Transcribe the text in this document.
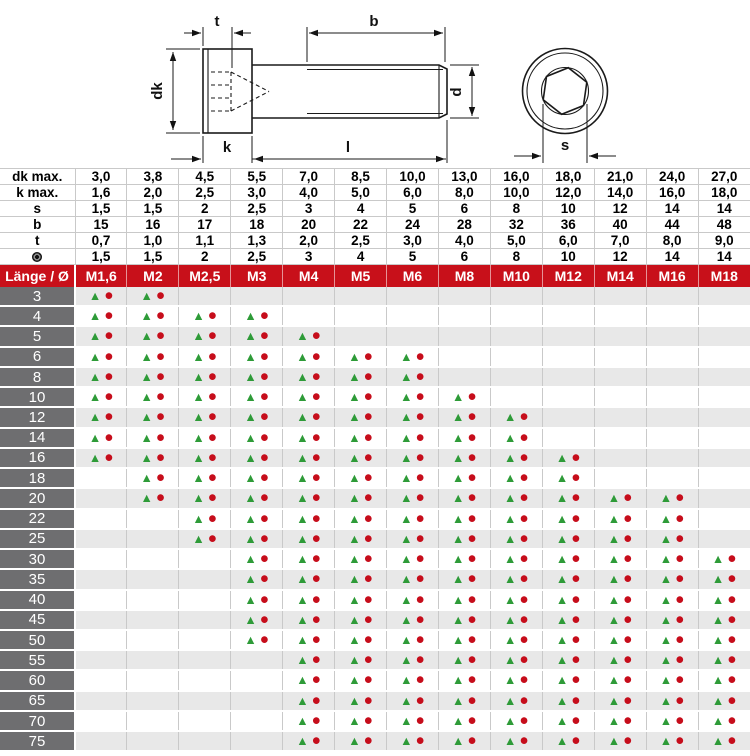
t	b
dk	d
k	l	s
dk max.	3,0	3,8	4,5	5,5	7,0	8,5	10,0	13,0	16,0	18,0	21,0	24,0	27,0
k max.	1,6	2,0	2,5	3,0	4,0	5,0	6,0	8,0	10,0	12,0	14,0	16,0	18,0
s	1,5	1,5	2	2,5	3	4	5	6	8	10	12	14	14
b	15	16	17	18	20	22	24	28	32	36	40	44	48
t	0,7	1,0	1,1	1,3	2,0	2,5	3,0	4,0	5,0	6,0	7,0	8,0	9,0
	1,5	1,5	2	2,5	3	4	5	6	8	10	12	14	14
Länge / Ø	M1,6	M2	M2,5	M3	M4	M5	M6	M8	M10	M12	M14	M16	M18
3	▲ ●	▲ ●											
4	▲ ●	▲ ●	▲ ●	▲ ●									
5	▲ ●	▲ ●	▲ ●	▲ ●	▲ ●								
6	▲ ●	▲ ●	▲ ●	▲ ●	▲ ●	▲ ●	▲ ●						
8	▲ ●	▲ ●	▲ ●	▲ ●	▲ ●	▲ ●	▲ ●						
10	▲ ●	▲ ●	▲ ●	▲ ●	▲ ●	▲ ●	▲ ●	▲ ●					
12	▲ ●	▲ ●	▲ ●	▲ ●	▲ ●	▲ ●	▲ ●	▲ ●	▲ ●				
14	▲ ●	▲ ●	▲ ●	▲ ●	▲ ●	▲ ●	▲ ●	▲ ●	▲ ●				
16	▲ ●	▲ ●	▲ ●	▲ ●	▲ ●	▲ ●	▲ ●	▲ ●	▲ ●	▲ ●			
18		▲ ●	▲ ●	▲ ●	▲ ●	▲ ●	▲ ●	▲ ●	▲ ●	▲ ●			
20		▲ ●	▲ ●	▲ ●	▲ ●	▲ ●	▲ ●	▲ ●	▲ ●	▲ ●	▲ ●	▲ ●	
22			▲ ●	▲ ●	▲ ●	▲ ●	▲ ●	▲ ●	▲ ●	▲ ●	▲ ●	▲ ●	
25			▲ ●	▲ ●	▲ ●	▲ ●	▲ ●	▲ ●	▲ ●	▲ ●	▲ ●	▲ ●	
30				▲ ●	▲ ●	▲ ●	▲ ●	▲ ●	▲ ●	▲ ●	▲ ●	▲ ●	▲ ●
35				▲ ●	▲ ●	▲ ●	▲ ●	▲ ●	▲ ●	▲ ●	▲ ●	▲ ●	▲ ●
40				▲ ●	▲ ●	▲ ●	▲ ●	▲ ●	▲ ●	▲ ●	▲ ●	▲ ●	▲ ●
45				▲ ●	▲ ●	▲ ●	▲ ●	▲ ●	▲ ●	▲ ●	▲ ●	▲ ●	▲ ●
50				▲ ●	▲ ●	▲ ●	▲ ●	▲ ●	▲ ●	▲ ●	▲ ●	▲ ●	▲ ●
55					▲ ●	▲ ●	▲ ●	▲ ●	▲ ●	▲ ●	▲ ●	▲ ●	▲ ●
60					▲ ●	▲ ●	▲ ●	▲ ●	▲ ●	▲ ●	▲ ●	▲ ●	▲ ●
65					▲ ●	▲ ●	▲ ●	▲ ●	▲ ●	▲ ●	▲ ●	▲ ●	▲ ●
70					▲ ●	▲ ●	▲ ●	▲ ●	▲ ●	▲ ●	▲ ●	▲ ●	▲ ●
75					▲ ●	▲ ●	▲ ●	▲ ●	▲ ●	▲ ●	▲ ●	▲ ●	▲ ●
